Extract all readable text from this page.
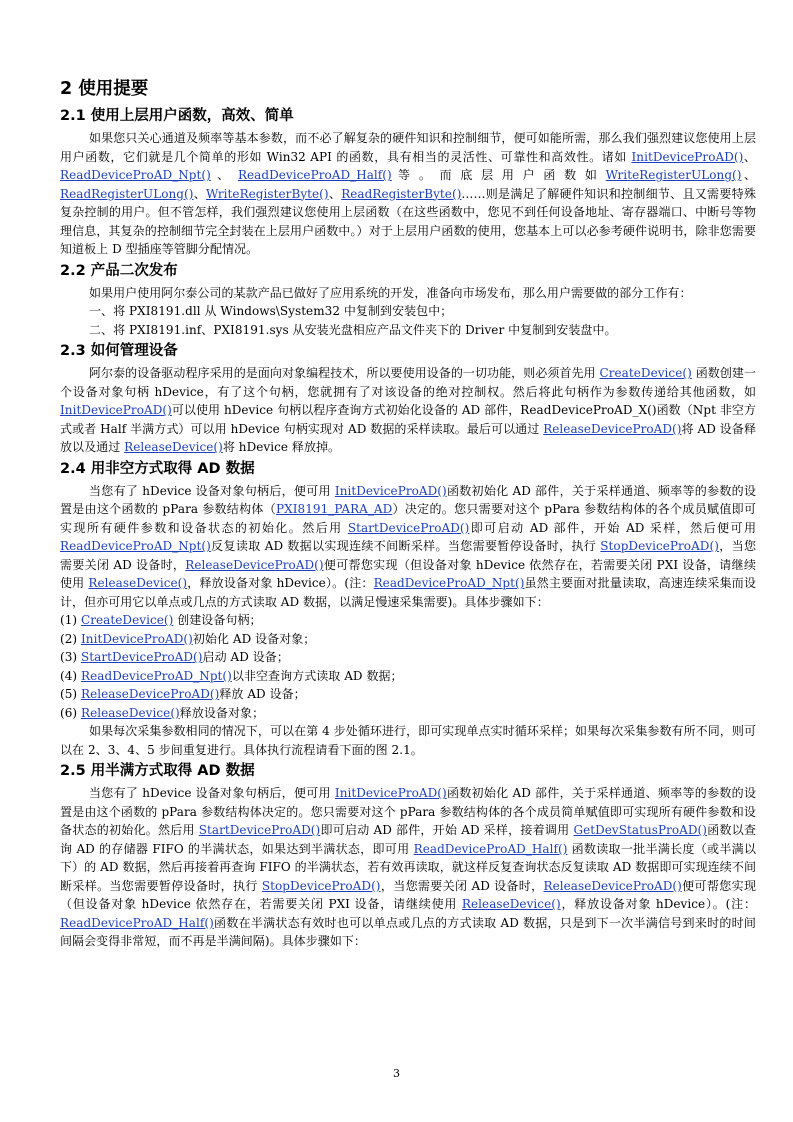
2 使用提要
2.1 使用上层用户函数，高效、简单

如果您只关心通道及频率等基本参数，而不必了解复杂的硬件知识和控制细节，便可如能所需，那么我们强烈建议您使用上层用户函数，它们就是几个简单的形如 Win32 API 的函数，具有相当的灵活性、可靠性和高效性。诸如 InitDeviceProAD()、 ReadDeviceProAD_Npt() 、 ReadDeviceProAD_Half() 等 。 而 底 层 用 户 函 数 如 WriteRegisterULong()、ReadRegisterULong()、WriteRegisterByte()、ReadRegisterByte()……则是满足了解硬件知识和控制细节、且又需要特殊复杂控制的用户。但不管怎样，我们强烈建议您使用上层函数（在这些函数中，您见不到任何设备地址、寄存器端口、中断号等物理信息，其复杂的控制细节完全封装在上层用户函数中。）对于上层用户函数的使用，您基本上可以必参考硬件说明书，除非您需要知道板上 D 型插座等管脚分配情况。

2.2 产品二次发布

如果用户使用阿尔泰公司的某款产品已做好了应用系统的开发，准备向市场发布，那么用户需要做的部分工作有：

一、将 PXI8191.dll 从 Windows\System32 中复制到安装包中；

二、将 PXI8191.inf、PXI8191.sys 从安装光盘相应产品文件夹下的 Driver 中复制到安装盘中。

2.3 如何管理设备

阿尔泰的设备驱动程序采用的是面向对象编程技术，所以要使用设备的一切功能，则必须首先用 CreateDevice() 函数创建一个设备对象句柄 hDevice，有了这个句柄，您就拥有了对该设备的绝对控制权。然后将此句柄作为参数传递给其他函数，如 InitDeviceProAD()可以使用 hDevice 句柄以程序查询方式初始化设备的 AD 部件，ReadDeviceProAD_X()函数（Npt 非空方式或者 Half 半满方式）可以用 hDevice 句柄实现对 AD 数据的采样读取。最后可以通过 ReleaseDeviceProAD()将 AD 设备释放以及通过 ReleaseDevice()将 hDevice 释放掉。

2.4 用非空方式取得 AD 数据

当您有了 hDevice 设备对象句柄后，便可用 InitDeviceProAD()函数初始化 AD 部件，关于采样通道、频率等的参数的设置是由这个函数的 pPara 参数结构体（PXI8191_PARA_AD）决定的。您只需要对这个 pPara 参数结构体的各个成员赋值即可实现所有硬件参数和设备状态的初始化。然后用 StartDeviceProAD()即可启动 AD 部件，开始 AD 采样，然后便可用 ReadDeviceProAD_Npt()反复读取 AD 数据以实现连续不间断采样。当您需要暂停设备时，执行 StopDeviceProAD()，当您需要关闭 AD 设备时，ReleaseDeviceProAD()便可帮您实现（但设备对象 hDevice 依然存在，若需要关闭 PXI 设备，请继续使用 ReleaseDevice()，释放设备对象 hDevice）。(注：ReadDeviceProAD_Npt()虽然主要面对批量读取，高速连续采集而设计，但亦可用它以单点或几点的方式读取 AD 数据，以满足慢速采集需要)。具体步骤如下：

(1) CreateDevice() 创建设备句柄；

(2) InitDeviceProAD()初始化 AD 设备对象；

(3) StartDeviceProAD()启动 AD 设备；

(4) ReadDeviceProAD_Npt()以非空查询方式读取 AD 数据；

(5) ReleaseDeviceProAD()释放 AD 设备；

(6) ReleaseDevice()释放设备对象；

如果每次采集参数相同的情况下，可以在第 4 步处循环进行，即可实现单点实时循环采样；如果每次采集参数有所不同，则可以在 2、3、4、5 步间重复进行。具体执行流程请看下面的图 2.1。

2.5 用半满方式取得 AD 数据

当您有了 hDevice 设备对象句柄后，便可用 InitDeviceProAD()函数初始化 AD 部件，关于采样通道、频率等的参数的设置是由这个函数的 pPara 参数结构体决定的。您只需要对这个 pPara 参数结构体的各个成员简单赋值即可实现所有硬件参数和设备状态的初始化。然后用 StartDeviceProAD()即可启动 AD 部件，开始 AD 采样，接着调用 GetDevStatusProAD()函数以查询 AD 的存储器 FIFO 的半满状态，如果达到半满状态，即可用 ReadDeviceProAD_Half() 函数读取一批半满长度（或半满以下）的 AD 数据，然后再接着再查询 FIFO 的半满状态，若有效再读取，就这样反复查询状态反复读取 AD 数据即可实现连续不间断采样。当您需要暂停设备时，执行 StopDeviceProAD()，当您需要关闭 AD 设备时，ReleaseDeviceProAD()便可帮您实现（但设备对象 hDevice 依然存在，若需要关闭 PXI 设备，请继续使用 ReleaseDevice()，释放设备对象 hDevice）。(注：ReadDeviceProAD_Half()函数在半满状态有效时也可以单点或几点的方式读取 AD 数据，只是到下一次半满信号到来时的时间间隔会变得非常短，而不再是半满间隔)。具体步骤如下：

3
